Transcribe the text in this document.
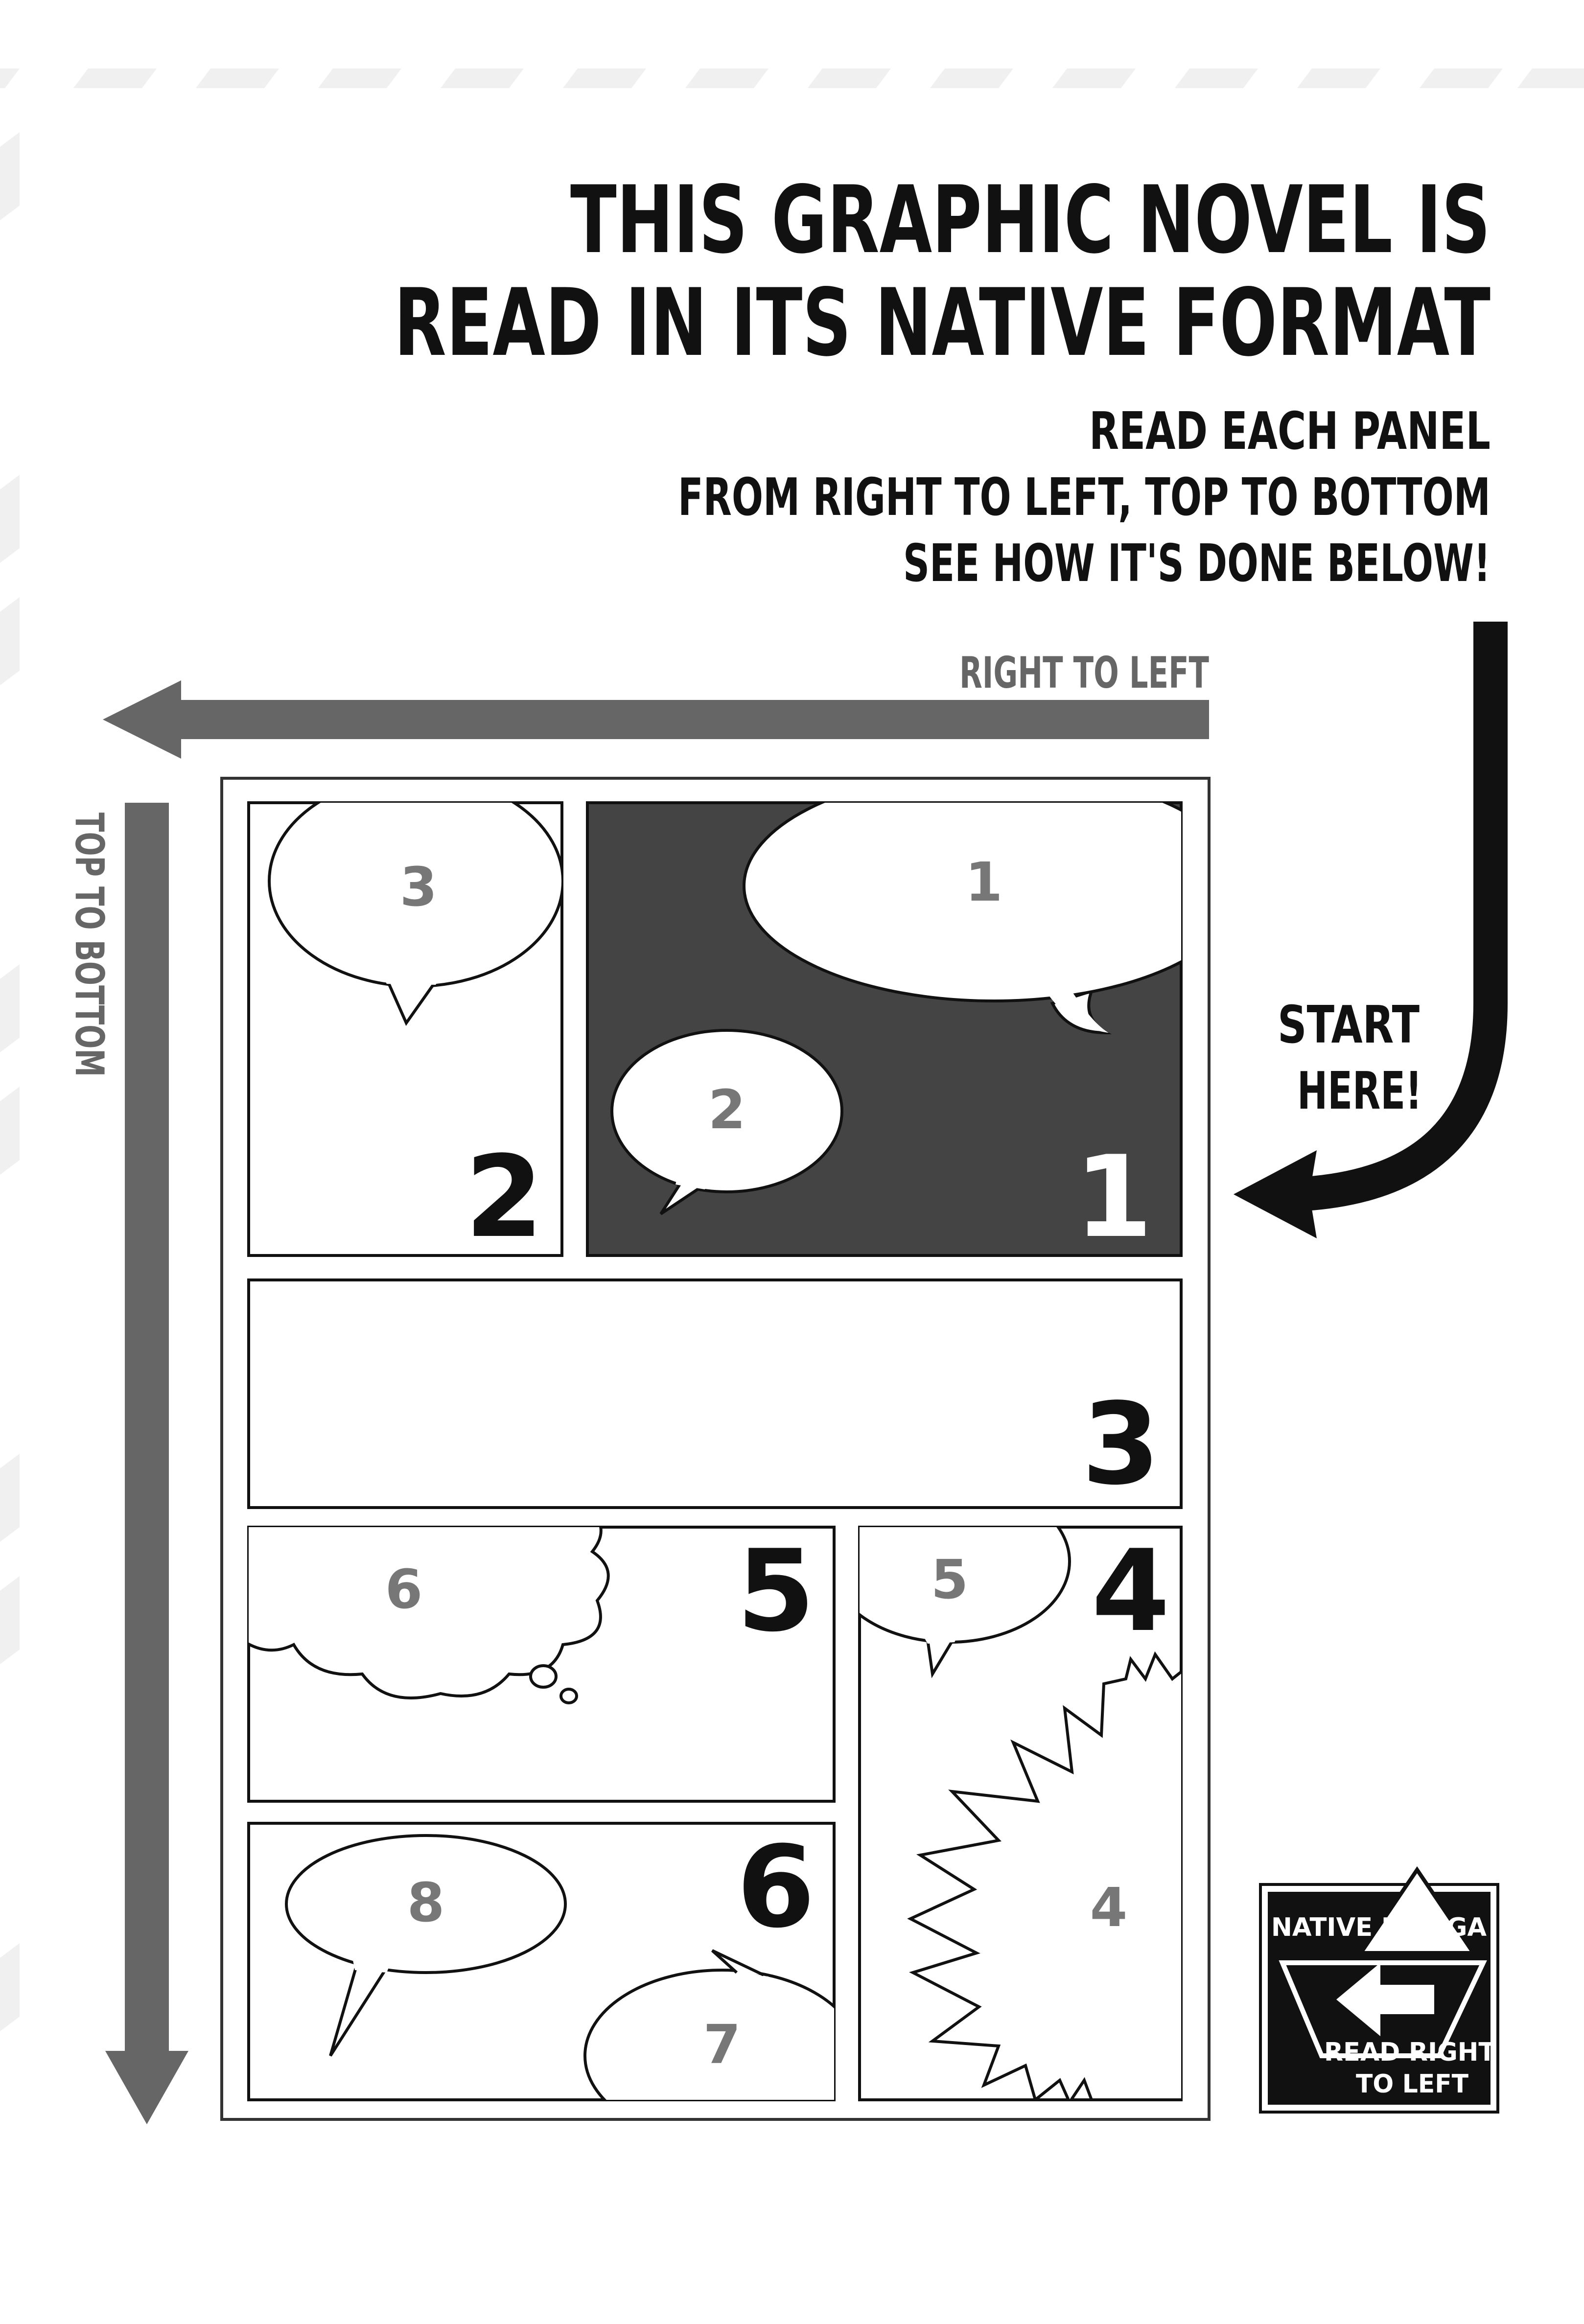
THIS GRAPHIC NOVEL IS
READ IN ITS NATIVE FORMAT
READ EACH PANEL
FROM RIGHT TO LEFT, TOP TO BOTTOM
SEE HOW IT'S DONE BELOW!
RIGHT TO LEFT
TOP TO BOTTOM	START
HERE!
1
2
1
3
2
3
5
4
4
6	5
8
7
6	NATIVE MANGA
READ RIGHT
TO LEFT
